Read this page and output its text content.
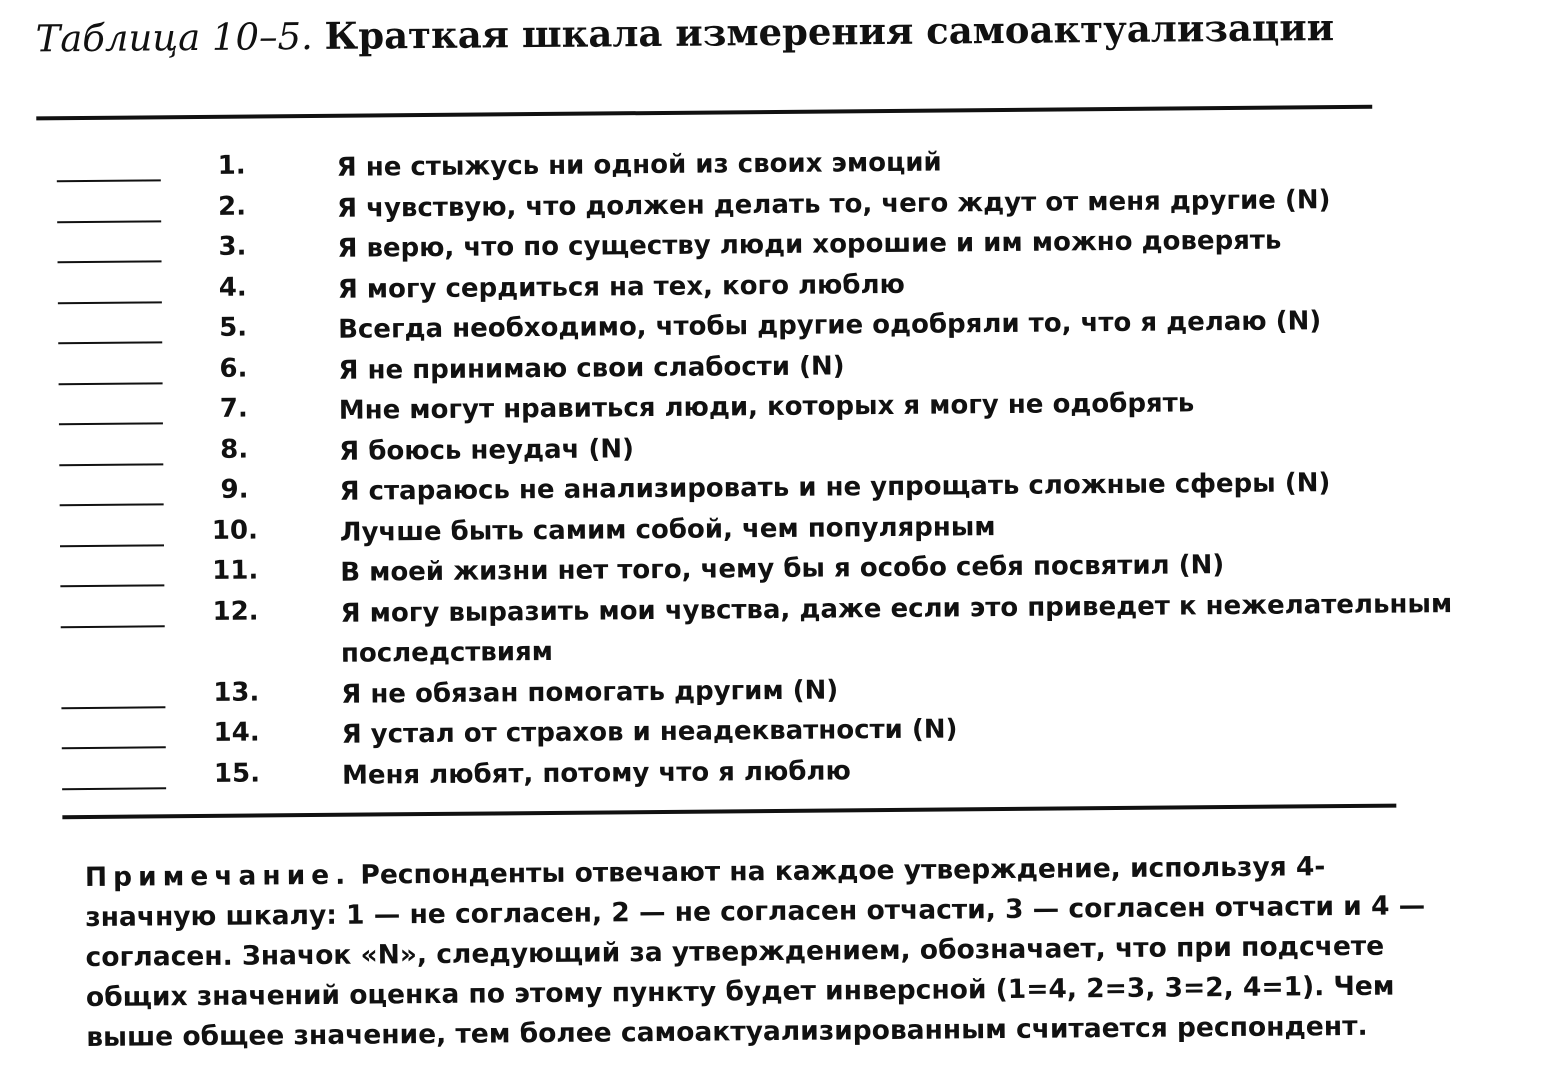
Таблица 10–5. Краткая шкала измерения самоактуализации
1.	Я не стыжусь ни одной из своих эмоций
2.	Я чувствую, что должен делать то, чего ждут от меня другие (N)
3.	Я верю, что по существу люди хорошие и им можно доверять
4.	Я могу сердиться на тех, кого люблю
5.	Всегда необходимо, чтобы другие одобряли то, что я делаю (N)
6.	Я не принимаю свои слабости (N)
7.	Мне могут нравиться люди, которых я могу не одобрять
8.	Я боюсь неудач (N)
9.	Я стараюсь не анализировать и не упрощать сложные сферы (N)
10.	Лучше быть самим собой, чем популярным
11.	В моей жизни нет того, чему бы я особо себя посвятил (N)
12.	Я могу выразить мои чувства, даже если это приведет к нежелательным
последствиям
13.	Я не обязан помогать другим (N)
14.	Я устал от страхов и неадекватности (N)
15.	Меня любят, потому что я люблю

Примечание. Респонденты отвечают на каждое утверждение, используя 4-значную шкалу: 1 — не согласен, 2 — не согласен отчасти, 3 — согласен отчасти и 4 — согласен. Значок «N», следующий за утверждением, обозначает, что при подсчете общих значений оценка по этому пункту будет инверсной (1=4, 2=3, 3=2, 4=1). Чем выше общее значение, тем более самоактуализированным считается респондент.
